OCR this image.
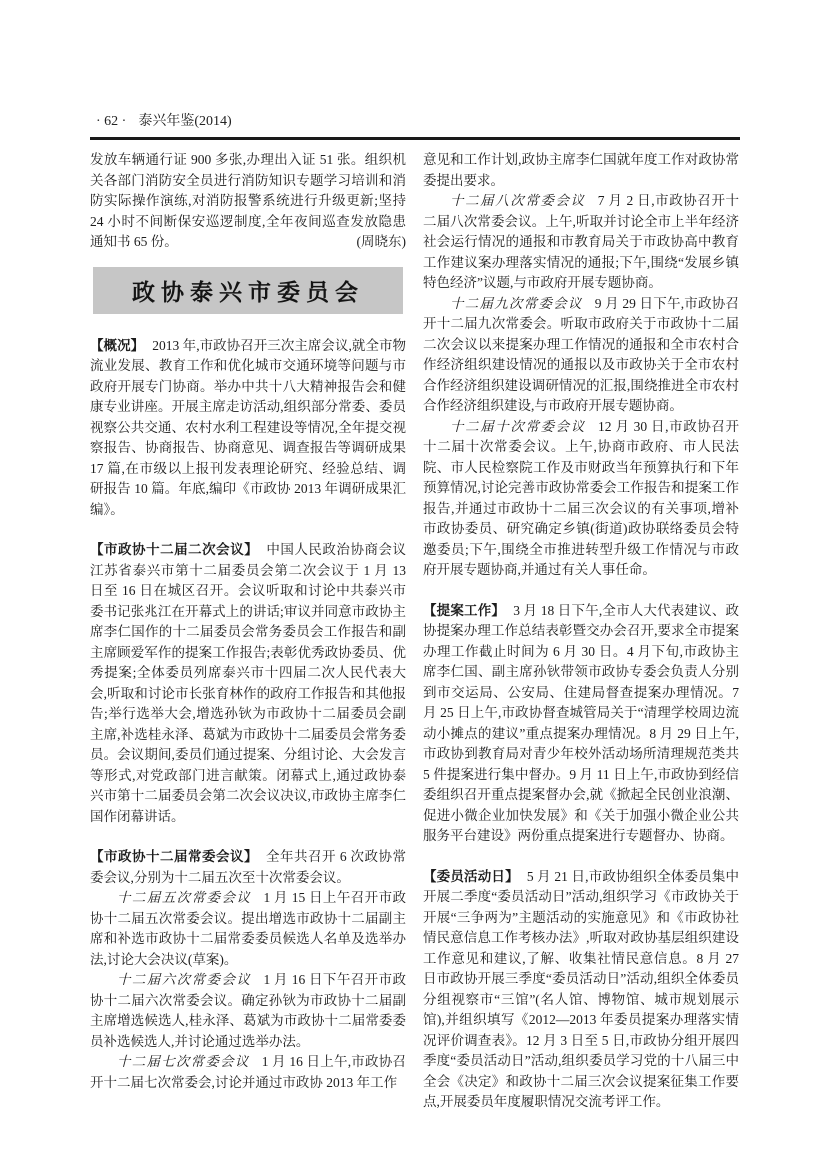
· 62 · 泰兴年鉴(2014)

发放车辆通行证 900 多张,办理出入证 51 张。组织机关各部门消防安全员进行消防知识专题学习培训和消防实际操作演练,对消防报警系统进行升级更新;坚持 24 小时不间断保安巡逻制度,全年夜间巡查发放隐患通知书 65 份。	(周晓东)

政协泰兴市委员会

【概况】 2013 年,市政协召开三次主席会议,就全市物流业发展、教育工作和优化城市交通环境等问题与市政府开展专门协商。举办中共十八大精神报告会和健康专业讲座。开展主席走访活动,组织部分常委、委员视察公共交通、农村水利工程建设等情况,全年提交视察报告、协商报告、协商意见、调查报告等调研成果 17 篇,在市级以上报刊发表理论研究、经验总结、调研报告 10 篇。年底,编印《市政协 2013 年调研成果汇编》。

【市政协十二届二次会议】 中国人民政治协商会议江苏省泰兴市第十二届委员会第二次会议于 1 月 13 日至 16 日在城区召开。会议听取和讨论中共泰兴市委书记张兆江在开幕式上的讲话;审议并同意市政协主席李仁国作的十二届委员会常务委员会工作报告和副主席顾爱军作的提案工作报告;表彰优秀政协委员、优秀提案;全体委员列席泰兴市十四届二次人民代表大会,听取和讨论市长张育林作的政府工作报告和其他报告;举行选举大会,增选孙钬为市政协十二届委员会副主席,补选桂永泽、葛斌为市政协十二届委员会常务委员。会议期间,委员们通过提案、分组讨论、大会发言等形式,对党政部门进言献策。闭幕式上,通过政协泰兴市第十二届委员会第二次会议决议,市政协主席李仁国作闭幕讲话。

【市政协十二届常委会议】 全年共召开 6 次政协常委会议,分别为十二届五次至十次常委会议。

十二届五次常委会议 1 月 15 日上午召开市政协十二届五次常委会议。提出增选市政协十二届副主席和补选市政协十二届常委委员候选人名单及选举办法,讨论大会决议(草案)。

十二届六次常委会议 1 月 16 日下午召开市政协十二届六次常委会议。确定孙钬为市政协十二届副主席增选候选人,桂永泽、葛斌为市政协十二届常委委员补选候选人,并讨论通过选举办法。

十二届七次常委会议 1 月 16 日上午,市政协召开十二届七次常委会,讨论并通过市政协 2013 年工作

意见和工作计划,政协主席李仁国就年度工作对政协常委提出要求。

十二届八次常委会议 7 月 2 日,市政协召开十二届八次常委会议。上午,听取并讨论全市上半年经济社会运行情况的通报和市教育局关于市政协高中教育工作建议案办理落实情况的通报;下午,围绕“发展乡镇特色经济”议题,与市政府开展专题协商。

十二届九次常委会议 9 月 29 日下午,市政协召开十二届九次常委会。听取市政府关于市政协十二届二次会议以来提案办理工作情况的通报和全市农村合作经济组织建设情况的通报以及市政协关于全市农村合作经济组织建设调研情况的汇报,围绕推进全市农村合作经济组织建设,与市政府开展专题协商。

十二届十次常委会议 12 月 30 日,市政协召开十二届十次常委会议。上午,协商市政府、市人民法院、市人民检察院工作及市财政当年预算执行和下年预算情况,讨论完善市政协常委会工作报告和提案工作报告,并通过市政协十二届三次会议的有关事项,增补市政协委员、研究确定乡镇(街道)政协联络委员会特邀委员;下午,围绕全市推进转型升级工作情况与市政府开展专题协商,并通过有关人事任命。

【提案工作】 3 月 18 日下午,全市人大代表建议、政协提案办理工作总结表彰暨交办会召开,要求全市提案办理工作截止时间为 6 月 30 日。4 月下旬,市政协主席李仁国、副主席孙钬带领市政协专委会负责人分别到市交运局、公安局、住建局督查提案办理情况。7 月 25 日上午,市政协督查城管局关于“清理学校周边流动小摊点的建议”重点提案办理情况。8 月 29 日上午,市政协到教育局对青少年校外活动场所清理规范类共 5 件提案进行集中督办。9 月 11 日上午,市政协到经信委组织召开重点提案督办会,就《掀起全民创业浪潮、促进小微企业加快发展》和《关于加强小微企业公共服务平台建设》两份重点提案进行专题督办、协商。

【委员活动日】 5 月 21 日,市政协组织全体委员集中开展二季度“委员活动日”活动,组织学习《市政协关于开展“三争两为”主题活动的实施意见》和《市政协社情民意信息工作考核办法》,听取对政协基层组织建设工作意见和建议,了解、收集社情民意信息。8 月 27 日市政协开展三季度“委员活动日”活动,组织全体委员分组视察市“三馆”(名人馆、博物馆、城市规划展示馆),并组织填写《2012—2013 年委员提案办理落实情况评价调查表》。12 月 3 日至 5 日,市政协分组开展四季度“委员活动日”活动,组织委员学习党的十八届三中全会《决定》和政协十二届三次会议提案征集工作要点,开展委员年度履职情况交流考评工作。
